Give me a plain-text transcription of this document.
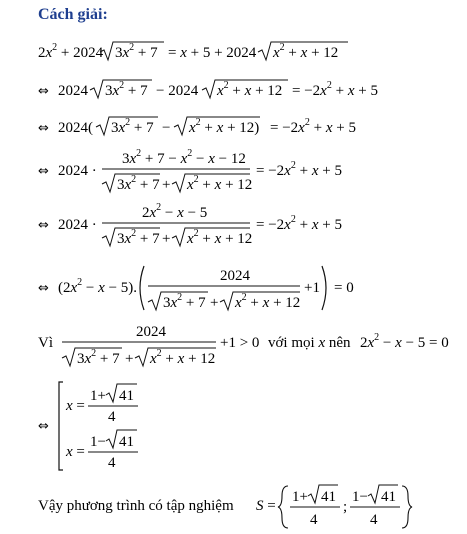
Cách giải:
$2x^2 + 2024$ $3x^2 + 7 = x + 5 + 2024$ $x^2 + x + 12$
⇔ 2024 $3x^2 + 7 - 2024$ $x^2 + x + 12 = -2x^2 + x + 5$
⇔ 2024( $3x^2 + 7 - x^2 + x + 12) = -2x^2 + x + 5$
⇔ 2024 ·
$3x^2 + 7 - x^2 - x - 12$
$3x^2 + 7 + x^2 + x + 12$
= $-2x^2 + x + 5$
⇔ 2024 ·
$2x^2 - x - 5$
$3x^2 + 7 + x^2 + x + 12$
= $-2x^2 + x + 5$
⇔ $(2x^2 - x - 5)$.
2024
$3x^2 + 7 + x^2 + x + 12$
+1 = 0
Vì
2024
$3x^2 + 7 + x^2 + x + 12$
+1 > 0 với mọi x nên $2x^2 - x - 5 = 0$
⇔
x =
1+ 41
4
x =
1− 41
4
Vậy phương trình có tập nghiệm S =
1+ 41
4
;
1− 41
4
